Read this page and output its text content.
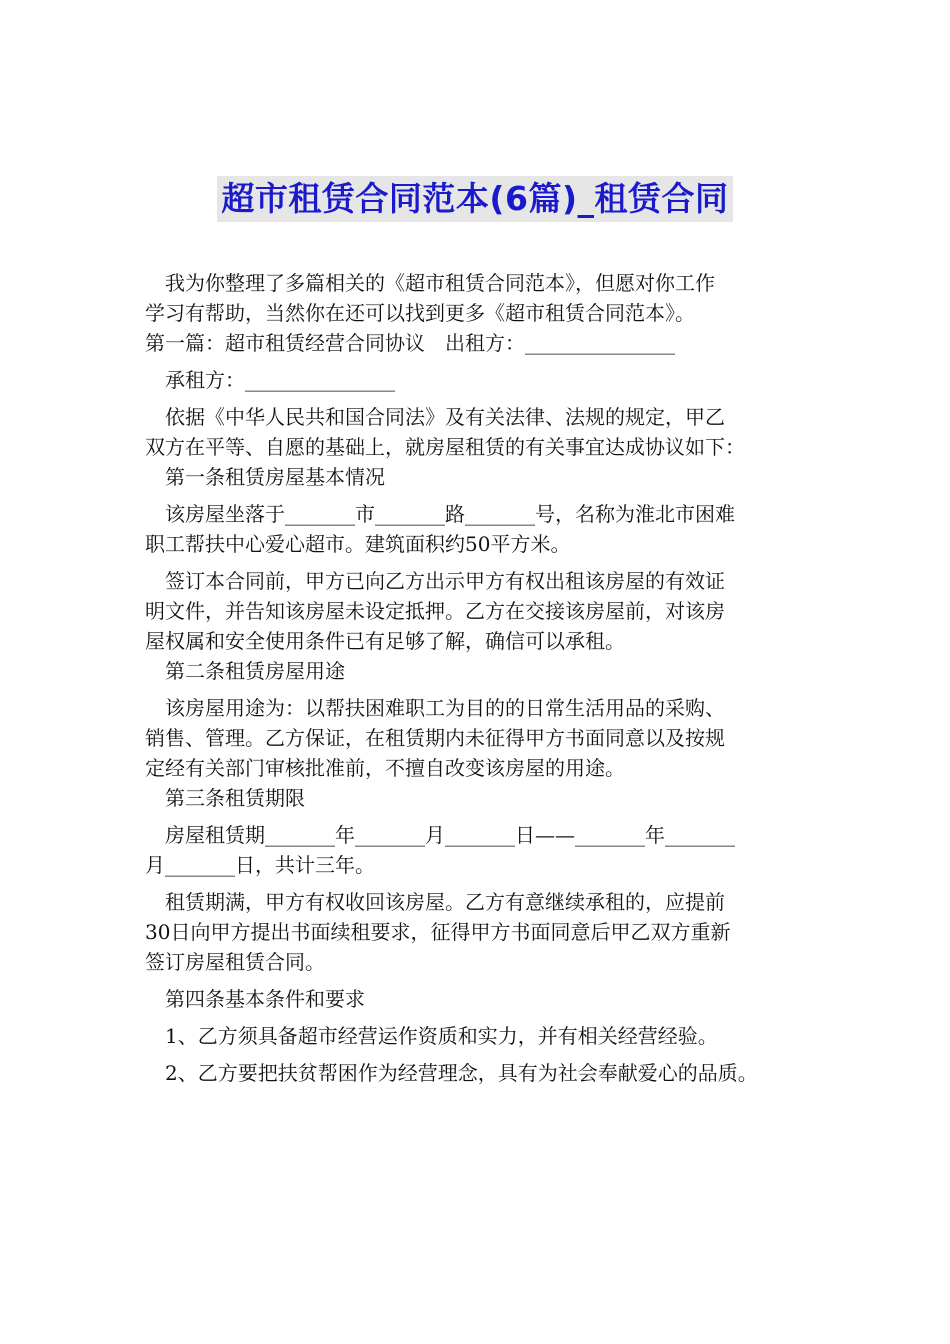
超市租赁合同范本(6篇)_租赁合同
我为你整理了多篇相关的《超市租赁合同范本》，但愿对你工作
学习有帮助，当然你在还可以找到更多《超市租赁合同范本》。
第一篇：超市租赁经营合同协议　出租方：_______________
承租方：_______________
依据《中华人民共和国合同法》及有关法律、法规的规定，甲乙
双方在平等、自愿的基础上，就房屋租赁的有关事宜达成协议如下：
第一条租赁房屋基本情况
该房屋坐落于_______市_______路_______号，名称为淮北市困难
职工帮扶中心爱心超市。建筑面积约50平方米。
签订本合同前，甲方已向乙方出示甲方有权出租该房屋的有效证
明文件，并告知该房屋未设定抵押。乙方在交接该房屋前，对该房
屋权属和安全使用条件已有足够了解，确信可以承租。
第二条租赁房屋用途
该房屋用途为：以帮扶困难职工为目的的日常生活用品的采购、
销售、管理。乙方保证，在租赁期内未征得甲方书面同意以及按规
定经有关部门审核批准前，不擅自改变该房屋的用途。
第三条租赁期限
房屋租赁期_______年_______月_______日——_______年_______
月_______日，共计三年。
租赁期满，甲方有权收回该房屋。乙方有意继续承租的，应提前
30日向甲方提出书面续租要求，征得甲方书面同意后甲乙双方重新
签订房屋租赁合同。
第四条基本条件和要求
1、乙方须具备超市经营运作资质和实力，并有相关经营经验。
2、乙方要把扶贫帮困作为经营理念，具有为社会奉献爱心的品质。
